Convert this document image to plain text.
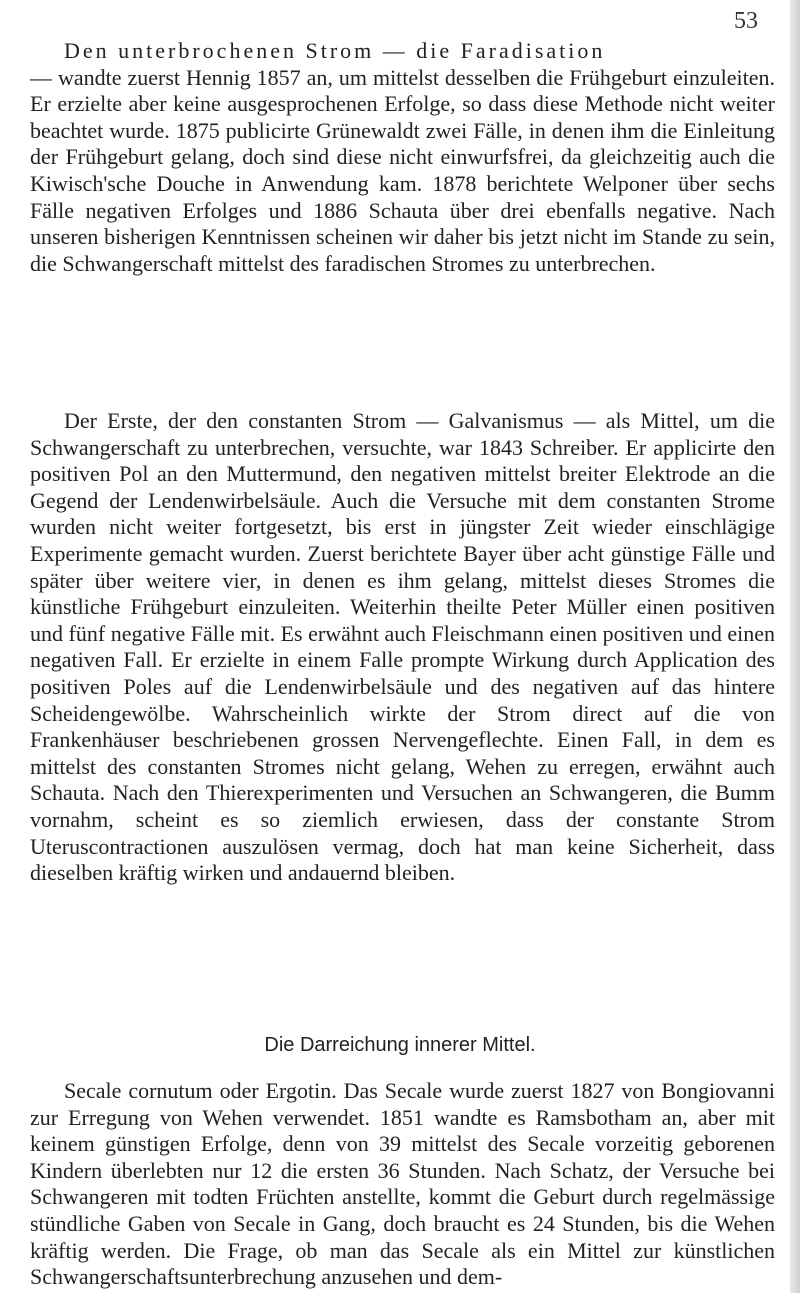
53

Den unterbrochenen Strom — die Faradisation
— wandte zuerst Hennig 1857 an, um mittelst desselben die Frühgeburt einzuleiten. Er erzielte aber keine ausgesprochenen Erfolge, so dass diese Methode nicht weiter beachtet wurde. 1875 publicirte Grünewaldt zwei Fälle, in denen ihm die Einleitung der Frühgeburt gelang, doch sind diese nicht einwurfsfrei, da gleichzeitig auch die Kiwisch'sche Douche in Anwendung kam. 1878 berichtete Welponer über sechs Fälle negativen Erfolges und 1886 Schauta über drei ebenfalls negative. Nach unseren bisherigen Kenntnissen scheinen wir daher bis jetzt nicht im Stande zu sein, die Schwangerschaft mittelst des faradischen Stromes zu unterbrechen.

Der Erste, der den constanten Strom — Galvanismus — als Mittel, um die Schwangerschaft zu unterbrechen, versuchte, war 1843 Schreiber. Er applicirte den positiven Pol an den Muttermund, den negativen mittelst breiter Elektrode an die Gegend der Lendenwirbelsäule. Auch die Versuche mit dem constanten Strome wurden nicht weiter fortgesetzt, bis erst in jüngster Zeit wieder einschlägige Experimente gemacht wurden. Zuerst berichtete Bayer über acht günstige Fälle und später über weitere vier, in denen es ihm gelang, mittelst dieses Stromes die künstliche Frühgeburt einzuleiten. Weiterhin theilte Peter Müller einen positiven und fünf negative Fälle mit. Es erwähnt auch Fleischmann einen positiven und einen negativen Fall. Er erzielte in einem Falle prompte Wirkung durch Application des positiven Poles auf die Lendenwirbelsäule und des negativen auf das hintere Scheidengewölbe. Wahrscheinlich wirkte der Strom direct auf die von Frankenhäuser beschriebenen grossen Nervengeflechte. Einen Fall, in dem es mittelst des constanten Stromes nicht gelang, Wehen zu erregen, erwähnt auch Schauta. Nach den Thierexperimenten und Versuchen an Schwangeren, die Bumm vornahm, scheint es so ziemlich erwiesen, dass der constante Strom Uteruscontractionen auszulösen vermag, doch hat man keine Sicherheit, dass dieselben kräftig wirken und andauernd bleiben.

Die Darreichung innerer Mittel.

Secale cornutum oder Ergotin. Das Secale wurde zuerst 1827 von Bongiovanni zur Erregung von Wehen verwendet. 1851 wandte es Ramsbotham an, aber mit keinem günstigen Erfolge, denn von 39 mittelst des Secale vorzeitig geborenen Kindern überlebten nur 12 die ersten 36 Stunden. Nach Schatz, der Versuche bei Schwangeren mit todten Früchten anstellte, kommt die Geburt durch regelmässige stündliche Gaben von Secale in Gang, doch braucht es 24 Stunden, bis die Wehen kräftig werden. Die Frage, ob man das Secale als ein Mittel zur künstlichen Schwangerschaftsunterbrechung anzusehen und dem-
